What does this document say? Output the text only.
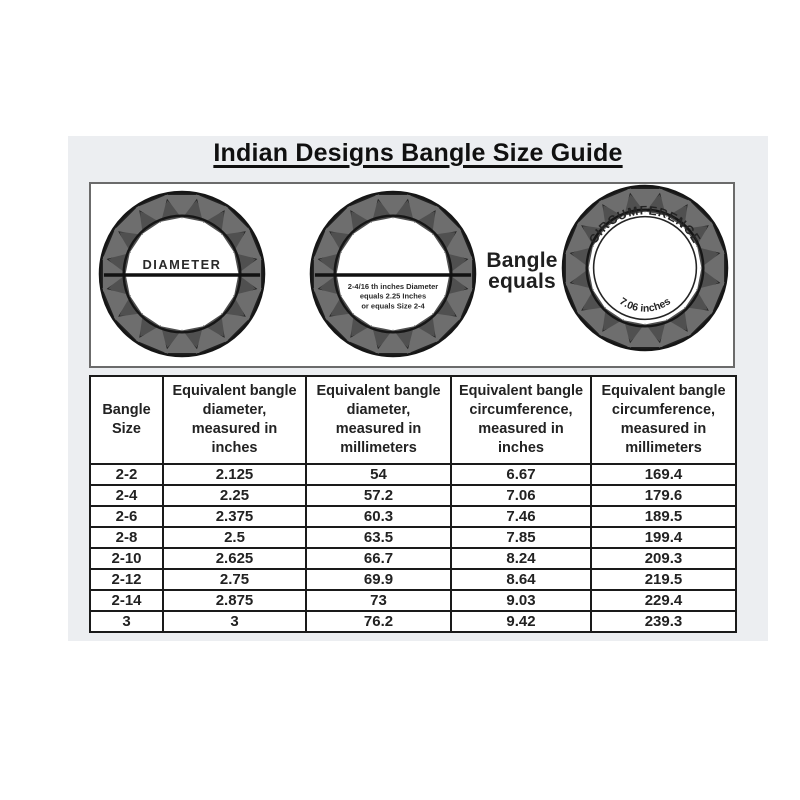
Indian Designs Bangle Size Guide
DIAMETER
2-4/16 th inches Diameter
equals 2.25 Inches
or equals Size 2-4
Bangle
equals
CIRCUMFERENCE
7.06 inches
Bangle Size	Equivalent bangle diameter, measured in inches	Equivalent bangle diameter, measured in millimeters	Equivalent bangle circumference, measured in inches	Equivalent bangle circumference, measured in millimeters
2-2	2.125	54	6.67	169.4
2-4	2.25	57.2	7.06	179.6
2-6	2.375	60.3	7.46	189.5
2-8	2.5	63.5	7.85	199.4
2-10	2.625	66.7	8.24	209.3
2-12	2.75	69.9	8.64	219.5
2-14	2.875	73	9.03	229.4
3	3	76.2	9.42	239.3
